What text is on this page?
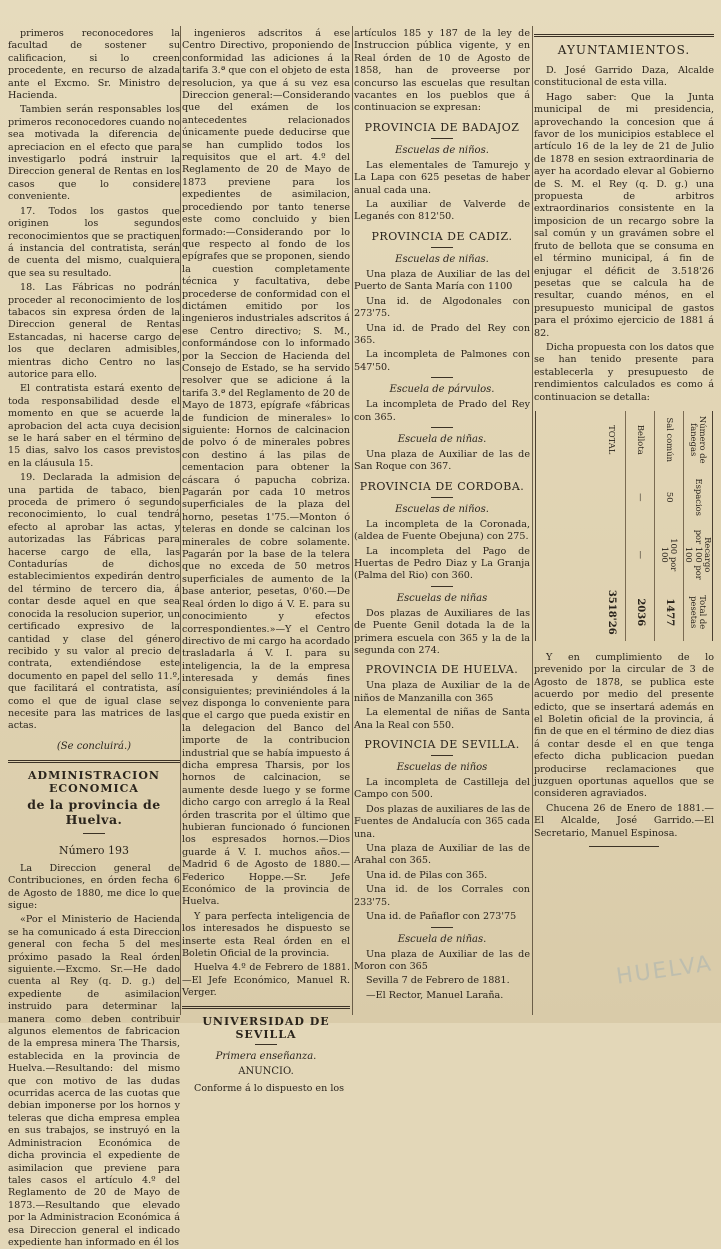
primeros reconocedores la facultad de sostener su calificacion, si lo creen procedente, en recurso de alzada ante el Excmo. Sr. Ministro de Hacienda.

Tambien serán responsables los primeros reconocedores cuando no sea motivada la diferencia de apreciacion en el efecto que para investigarlo podrá instruir la Direccion general de Rentas en los casos que lo considere conveniente.

17. Todos los gastos que originen los segundos reconocimientos que se practiquen á instancia del contratista, serán de cuenta del mismo, cualquiera que sea su resultado.

18. Las Fábricas no podrán proceder al reconocimiento de los tabacos sin expresa órden de la Direccion general de Rentas Estancadas, ni hacerse cargo de los que declaren admisibles, mientras dicho Centro no las autorice para ello.

El contratista estará exento de toda responsabilidad desde el momento en que se acuerde la aprobacion del acta cuya decision se le hará saber en el término de 15 dias, salvo los casos previstos en la cláusula 15.

19. Declarada la admision de una partida de tabaco, bien proceda de primero ó segundo reconocimiento, lo cual tendrá efecto al aprobar las actas, y autorizadas las Fábricas para hacerse cargo de ella, las Contadurías de dichos establecimientos expedirán dentro del término de tercero dia, á contar desde aquel en que sea conocida la resolucion superior, un certificado expresivo de la cantidad y clase del género recibido y su valor al precio de contrata, extendiéndose este documento en papel del sello 11.º, que facilitará el contratista, así como el que de igual clase se necesite para las matrices de las actas.

(Se concluirá.)
ADMINISTRACION ECONOMICA
de la provincia de Huelva.
Número 193

La Direccion general de Contribuciones, en órden fecha 6 de Agosto de 1880, me dice lo que sigue:

«Por el Ministerio de Hacienda se ha comunicado á esta Direccion general con fecha 5 del mes próximo pasado la Real órden siguiente.—Excmo. Sr.—He dado cuenta al Rey (q. D. g.) del expediente de asimilacion instruido para determinar la manera como deben contribuir algunos elementos de fabricacion de la empresa minera The Tharsis, establecida en la provincia de Huelva.—Resultando: del mismo que con motivo de las dudas ocurridas acerca de las cuotas que debian imponerse por los hornos y teleras que dicha empresa emplea en sus trabajos, se instruyó en la Administracion Económica de dicha provincia el expediente de asimilacion que previene para tales casos el artículo 4.º del Reglamento de 20 de Mayo de 1873.—Resultando que elevado por la Administracion Económica á esa Direccion general el indicado expediente han informado en él los

ingenieros adscritos á ese Centro Directivo, proponiendo de conformidad las adiciones á la tarifa 3.ª que con el objeto de esta resolucion, ya que á su vez esa Direccion general:—Considerando que del exámen de los antecedentes relacionados únicamente puede deducirse que se han cumplido todos los requisitos que el art. 4.º del Reglamento de 20 de Mayo de 1873 previene para los expedientes de asimilacion, procediendo por tanto tenerse este como concluido y bien formado:—Considerando por lo que respecto al fondo de los epígrafes que se proponen, siendo la cuestion completamente técnica y facultativa, debe procederse de conformidad con el dictámen emitido por los ingenieros industriales adscritos á ese Centro directivo; S. M., conformándose con lo informado por la Seccion de Hacienda del Consejo de Estado, se ha servido resolver que se adicione á la tarifa 3.ª del Reglamento de 20 de Mayo de 1873, epígrafe «fábricas de fundicion de minerales» lo siguiente: Hornos de calcinacion de polvo ó de minerales pobres con destino á las pilas de cementacion para obtener la cáscara ó papucha cobriza. Pagarán por cada 10 metros superficiales de la plaza del horno, pesetas 1'75.—Monton ó teleras en donde se calcinan los minerales de cobre solamente. Pagarán por la base de la telera que no exceda de 50 metros superficiales de aumento de la base anterior, pesetas, 0'60.—De Real órden lo digo á V. E. para su conocimiento y efectos correspondientes.»—Y el Centro directivo de mi cargo ha acordado trasladarla á V. I. para su inteligencia, la de la empresa interesada y demás fines consiguientes; previniéndoles á la vez disponga lo conveniente para que el cargo que pueda existir en la delegacion del Banco del importe de la contribucion industrial que se había impuesto á dicha empresa Tharsis, por los hornos de calcinacion, se aumente desde luego y se forme dicho cargo con arreglo á la Real órden trascrita por el último que hubieran funcionado ó funcionen los espresados hornos.—Dios guarde á V. I. muchos años.—Madrid 6 de Agosto de 1880.—Federico Hoppe.—Sr. Jefe Económico de la provincia de Huelva.

Y para perfecta inteligencia de los interesados he dispuesto se inserte esta Real órden en el Boletin Oficial de la provincia.

Huelva 4.º de Febrero de 1881.—El Jefe Económico, Manuel R. Verger.

UNIVERSIDAD DE SEVILLA
Primera enseñanza.
ANUNCIO.

Conforme á lo dispuesto en los

artículos 185 y 187 de la ley de Instruccion pública vigente, y en Real órden de 10 de Agosto de 1858, han de proveerse por concurso las escuelas que resultan vacantes en los pueblos que á continuacion se expresan:

PROVINCIA DE BADAJOZ
Escuelas de niños.

Las elementales de Tamurejo y La Lapa con 625 pesetas de haber anual cada una.

La auxiliar de Valverde de Leganés con 812'50.

PROVINCIA DE CADIZ.
Escuelas de niñas.

Una plaza de Auxiliar de las del Puerto de Santa María con 1100

Una id. de Algodonales con 273'75.

Una id. de Prado del Rey con 365.

La incompleta de Palmones con 547'50.

Escuela de párvulos.

La incompleta de Prado del Rey con 365.

Escuela de niñas.

Una plaza de Auxiliar de las de San Roque con 367.

PROVINCIA DE CORDOBA.
Escuelas de niños.

La incompleta de la Coronada, (aldea de Fuente Obejuna) con 275.

La incompleta del Pago de Huertas de Pedro Diaz y La Granja (Palma del Rio) con 360.

Escuelas de niñas

Dos plazas de Auxiliares de las de Puente Genil dotada la de la primera escuela con 365 y la de la segunda con 274.

PROVINCIA DE HUELVA.

Una plaza de Auxiliar de la de niños de Manzanilla con 365

La elemental de niñas de Santa Ana la Real con 550.

PROVINCIA DE SEVILLA.
Escuelas de niños

La incompleta de Castilleja del Campo con 500.

Dos plazas de auxiliares de las de Fuentes de Andalucía con 365 cada una.

Una plaza de Auxiliar de las de Arahal con 365.

Una id. de Pilas con 365.

Una id. de los Corrales con 233'75.

Una id. de Pañaflor con 273'75

Escuela de niñas.

Una plaza de Auxiliar de las de Moron con 365

Sevilla 7 de Febrero de 1881.

—El Rector, Manuel Laraña.

AYUNTAMIENTOS.

D. José Garrido Daza, Alcalde constitucional de esta villa.

Hago saber: Que la Junta municipal de mi presidencia, aprovechando la concesion que á favor de los municipios establece el artículo 16 de la ley de 21 de Julio de 1878 en sesion extraordinaria de ayer ha acordado elevar al Gobierno de S. M. el Rey (q. D. g.) una propuesta de arbitros extraordinarios consistente en la imposicion de un recargo sobre la sal común y un gravámen sobre el fruto de bellota que se consuma en el término municipal, á fin de enjugar el déficit de 3.518'26 pesetas que se calcula ha de resultar, cuando ménos, en el presupuesto municipal de gastos para el próximo ejercicio de 1881 á 82.

Dicha propuesta con los datos que se han tenido presente para establecerla y presupuesto de rendimientos calculados es como á continuacion se detalla:

Número de fanegas
Espacios
Recargo por 100 por 100
Total de pesetas
Sal común
50
100 por 100
1477
Bellota
—
—
2036
TOTAL
3518'26

Y en cumplimiento de lo prevenido por la circular de 3 de Agosto de 1878, se publica este acuerdo por medio del presente edicto, que se insertará además en el Boletin oficial de la provincia, á fin de que en el término de diez dias á contar desde el en que tenga efecto dicha publicacion puedan producirse reclamaciones que juzguen oportunas aquellos que se consideren agraviados.

Chucena 26 de Enero de 1881.—El Alcalde, José Garrido.—El Secretario, Manuel Espinosa.

HUELVA
